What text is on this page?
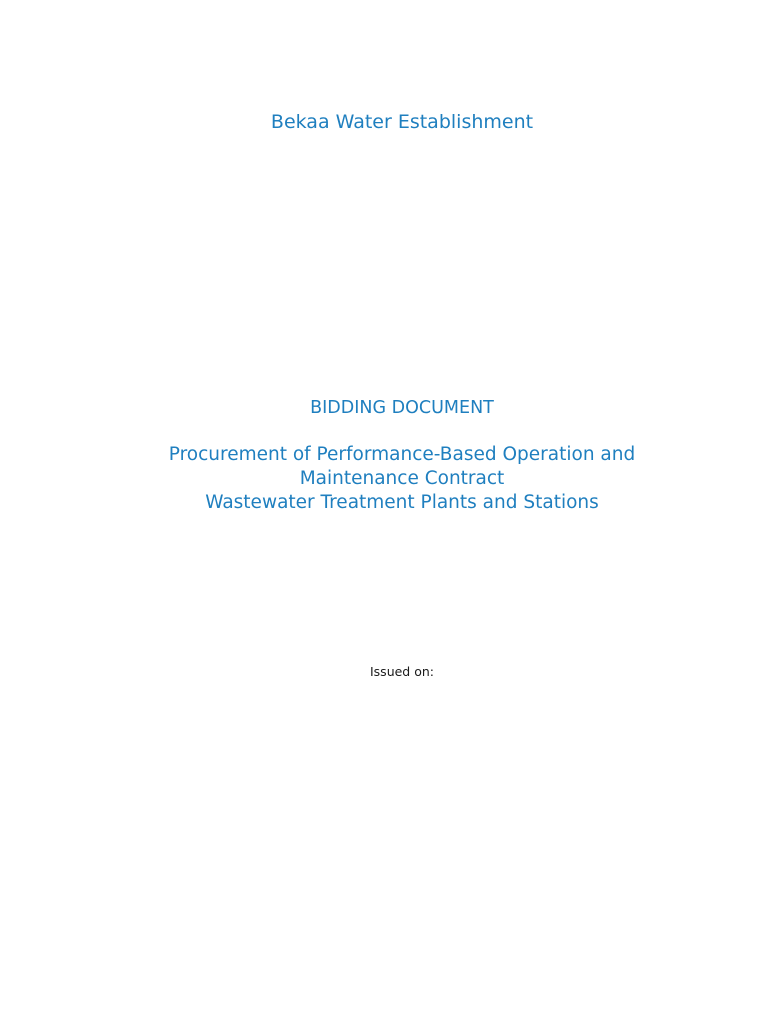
Bekaa Water Establishment
BIDDING DOCUMENT
Procurement of Performance-Based Operation and
Maintenance Contract
Wastewater Treatment Plants and Stations
Issued on:
